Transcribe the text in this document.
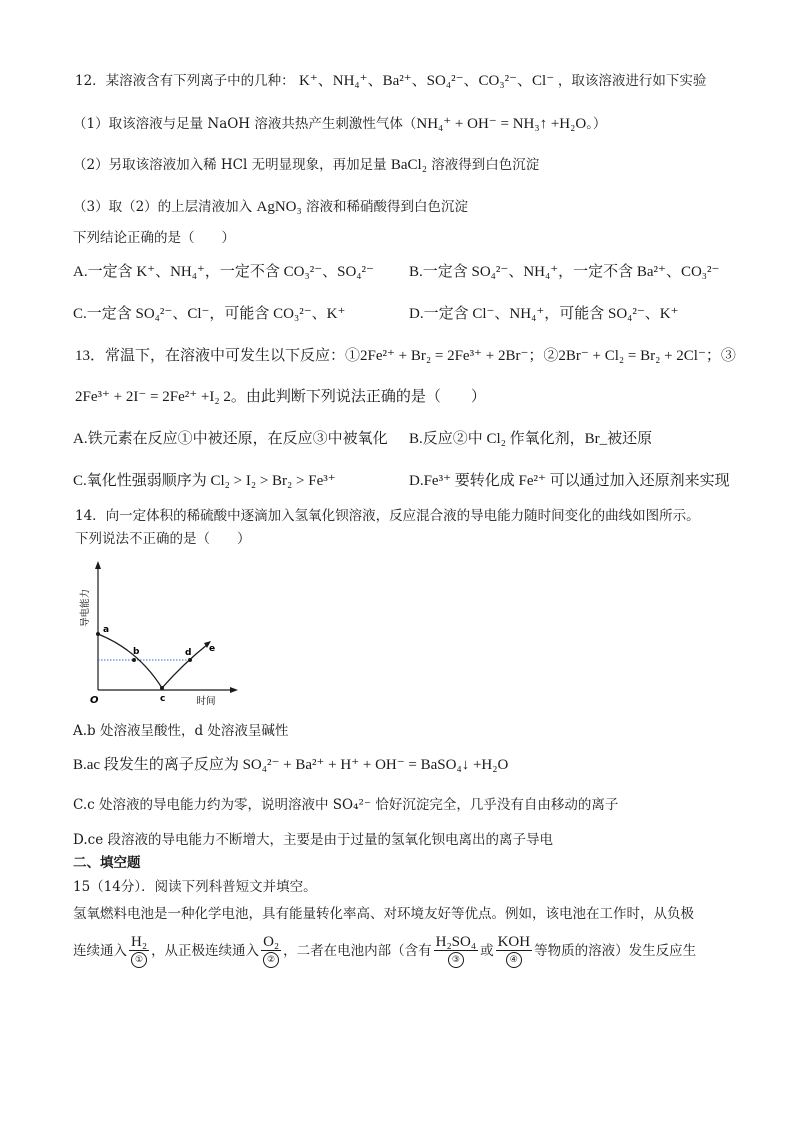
12．某溶液含有下列离子中的几种： K⁺、NH₄⁺、Ba²⁺、SO₄²⁻、CO₃²⁻、Cl⁻ ，取该溶液进行如下实验
（1）取该溶液与足量 NaOH 溶液共热产生刺激性气体（NH₄⁺ + OH⁻ = NH₃↑ +H₂O。）
（2）另取该溶液加入稀 HCl 无明显现象，再加足量 BaCl₂ 溶液得到白色沉淀
（3）取（2）的上层清液加入 AgNO₃ 溶液和稀硝酸得到白色沉淀
下列结论正确的是（　　）
A.一定含 K⁺、NH₄⁺，一定不含 CO₃²⁻、SO₄²⁻ B.一定含 SO₄²⁻、NH₄⁺，一定不含 Ba²⁺、CO₃²⁻
C.一定含 SO₄²⁻、Cl⁻，可能含 CO₃²⁻、K⁺	D.一定含 Cl⁻、NH₄⁺，可能含 SO₄²⁻、K⁺
13．常温下，在溶液中可发生以下反应：①2Fe²⁺ + Br₂ = 2Fe³⁺ + 2Br⁻；②2Br⁻ + Cl₂ = Br₂ + 2Cl⁻；③
2Fe³⁺ + 2I⁻ = 2Fe²⁺ +I₂ 2。由此判断下列说法正确的是（　　）
A.铁元素在反应①中被还原，在反应③中被氧化 B.反应②中 Cl₂ 作氧化剂，Br_被还原
C.氧化性强弱顺序为 Cl₂ > I₂ > Br₂ > Fe³⁺	D.Fe³⁺ 要转化成 Fe²⁺ 可以通过加入还原剂来实现
14．向一定体积的稀硫酸中逐滴加入氢氧化钡溶液，反应混合液的导电能力随时间变化的曲线如图所示。
下列说法不正确的是（　　）
导电能力
时间
O
a
b
c
d e
A.b 处溶液呈酸性，d 处溶液呈碱性
B.ac 段发生的离子反应为 SO₄²⁻ + Ba²⁺ + H⁺ + OH⁻ = BaSO₄↓ +H₂O
C.c 处溶液的导电能力约为零，说明溶液中 SO₄²⁻ 恰好沉淀完全，几乎没有自由移动的离子
D.ce 段溶液的导电能力不断增大，主要是由于过量的氢氧化钡电离出的离子导电
二、填空题
15（14分）．阅读下列科普短文并填空。
氢氧燃料电池是一种化学电池，具有能量转化率高、对环境友好等优点。例如，该电池在工作时，从负极
连续通入 $\frac{\text{H₂}}{\text{①}}$ ，从正极连续通入 $\frac{\text{O₂}}{\text{②}}$ ，二者在电池内部（含有 $\frac{\text{H₂SO₄}}{\text{③}}$ 或 $\frac{\text{KOH}}{\text{④}}$ 等物质的溶液）发生反应生
